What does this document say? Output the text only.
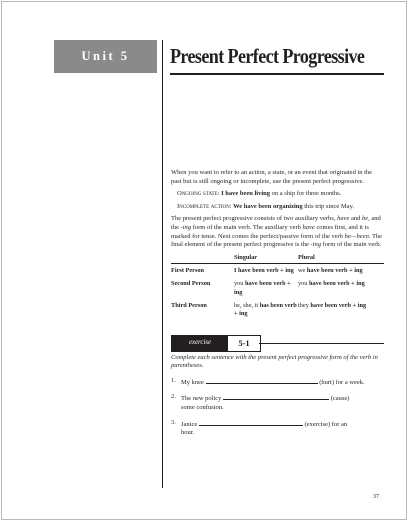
Unit 5	Present Perfect Progressive

When you want to refer to an action, a state, or an event that originated in the past but is still ongoing or incomplete, use the present perfect progressive.

Ongoing state: I have been living on a ship for three months.

Incomplete action: We have been organizing this trip since May.

The present perfect progressive consists of two auxiliary verbs, have and be, and the -ing form of the main verb. The auxiliary verb have comes first, and it is marked for tense. Next comes the perfect/passive form of the verb be—been. The final element of the present perfect progressive is the -ing form of the main verb.

	Singular	Plural
First Person	I have been verb + ing	we have been verb + ing
Second Person	you have been verb + ing	you have been verb + ing
Third Person	he, she, it has been verb + ing	they have been verb + ing
exercise	5-1

Complete each sentence with the present perfect progressive form of the verb in parentheses.

1. My knee	(hurt) for a week.
2. The new policy	(cause)
some confusion.
3. Janice	(exercise) for an
hour.
37
